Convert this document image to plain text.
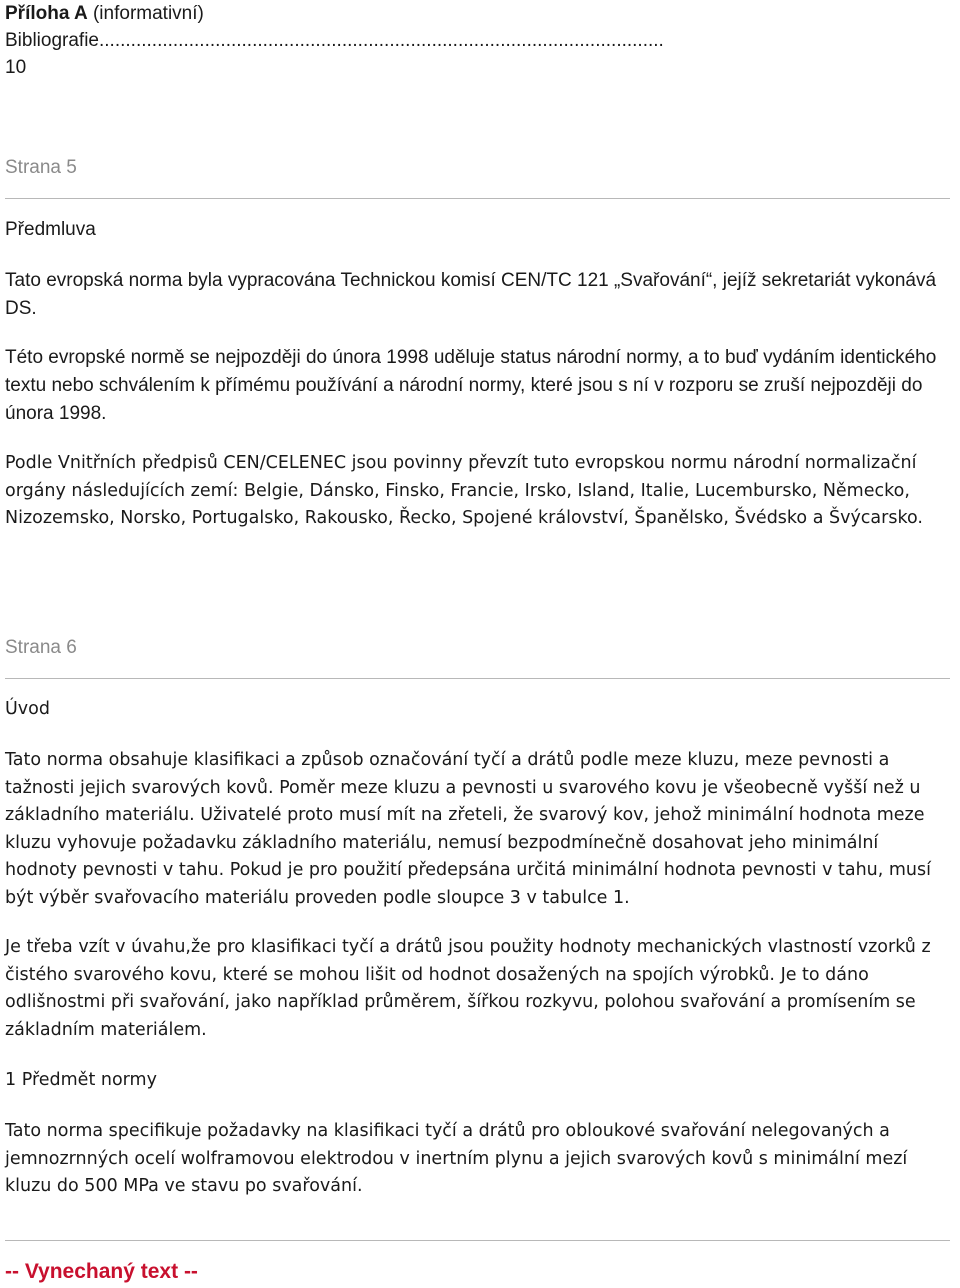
Příloha A (informativní)

Bibliografie...........................................................................................................

10

Strana 5

Předmluva

Tato evropská norma byla vypracována Technickou komisí CEN/TC 121 „Svařování“, jejíž sekretariát vykonává DS.

Této evropské normě se nejpozději do února 1998 uděluje status národní normy, a to buď vydáním identického textu nebo schválením k přímému používání a národní normy, které jsou s ní v rozporu se zruší nejpozději do února 1998.

Podle Vnitřních předpisů CEN/CELENEC jsou povinny převzít tuto evropskou normu národní normalizační orgány následujících zemí: Belgie, Dánsko, Finsko, Francie, Irsko, Island, Italie, Lucembursko, Německo, Nizozemsko, Norsko, Portugalsko, Rakousko, Řecko, Spojené království, Španělsko, Švédsko a Švýcarsko.

Strana 6

Úvod

Tato norma obsahuje klasifikaci a způsob označování tyčí a drátů podle meze kluzu, meze pevnosti a tažnosti jejich svarových kovů. Poměr meze kluzu a pevnosti u svarového kovu je všeobecně vyšší než u základního materiálu. Uživatelé proto musí mít na zřeteli, že svarový kov, jehož minimální hodnota meze kluzu vyhovuje požadavku základního materiálu, nemusí bezpodmínečně dosahovat jeho minimální hodnoty pevnosti v tahu. Pokud je pro použití předepsána určitá minimální hodnota pevnosti v tahu, musí být výběr svařovacího materiálu proveden podle sloupce 3 v tabulce 1.

Je třeba vzít v úvahu,že pro klasifikaci tyčí a drátů jsou použity hodnoty mechanických vlastností vzorků z čistého svarového kovu, které se mohou lišit od hodnot dosažených na spojích výrobků. Je to dáno odlišnostmi při svařování, jako například průměrem, šířkou rozkyvu, polohou svařování a promísením se základním materiálem.

1 Předmět normy

Tato norma specifikuje požadavky na klasifikaci tyčí a drátů pro obloukové svařování nelegovaných a jemnozrnných ocelí wolframovou elektrodou v inertním plynu a jejich svarových kovů s minimální mezí kluzu do 500 MPa ve stavu po svařování.

-- Vynechaný text --
